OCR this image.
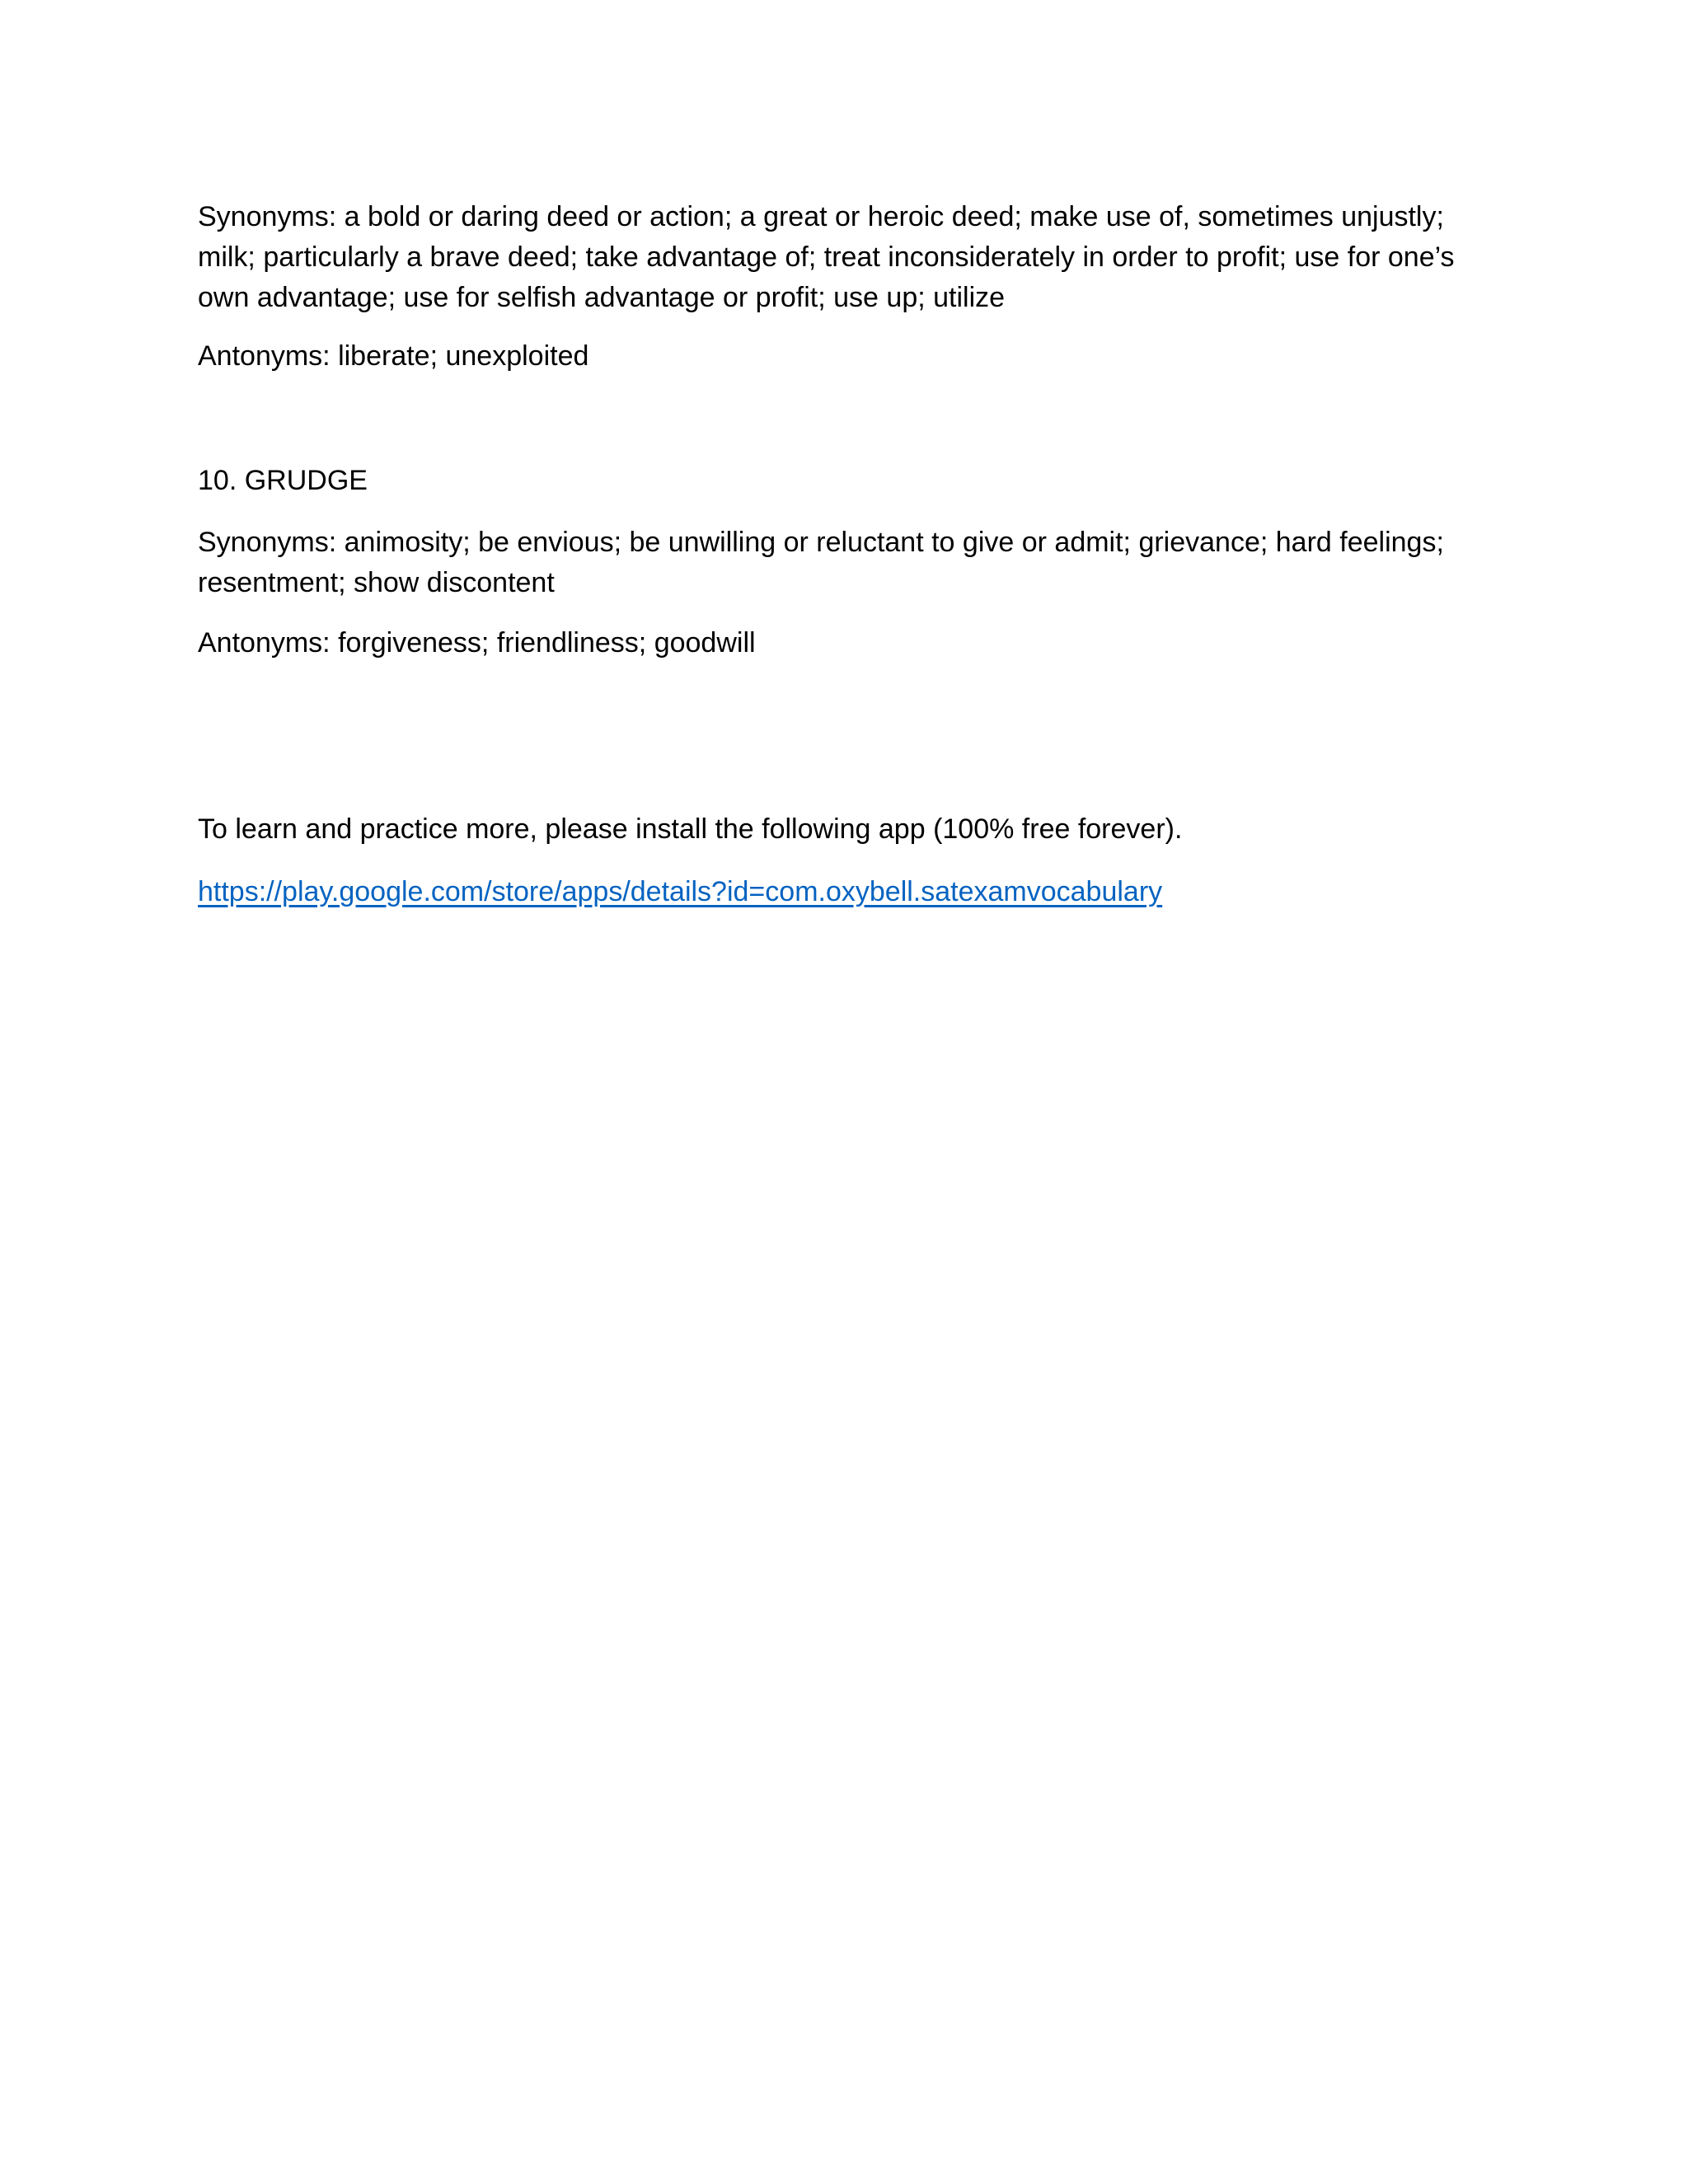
Synonyms: a bold or daring deed or action; a great or heroic deed; make use of, sometimes unjustly; milk; particularly a brave deed; take advantage of; treat inconsiderately in order to profit; use for one’s own advantage; use for selfish advantage or profit; use up; utilize

Antonyms: liberate; unexploited

10. GRUDGE

Synonyms: animosity; be envious; be unwilling or reluctant to give or admit; grievance; hard feelings; resentment; show discontent

Antonyms: forgiveness; friendliness; goodwill

To learn and practice more, please install the following app (100% free forever).

https://play.google.com/store/apps/details?id=com.oxybell.satexamvocabulary
